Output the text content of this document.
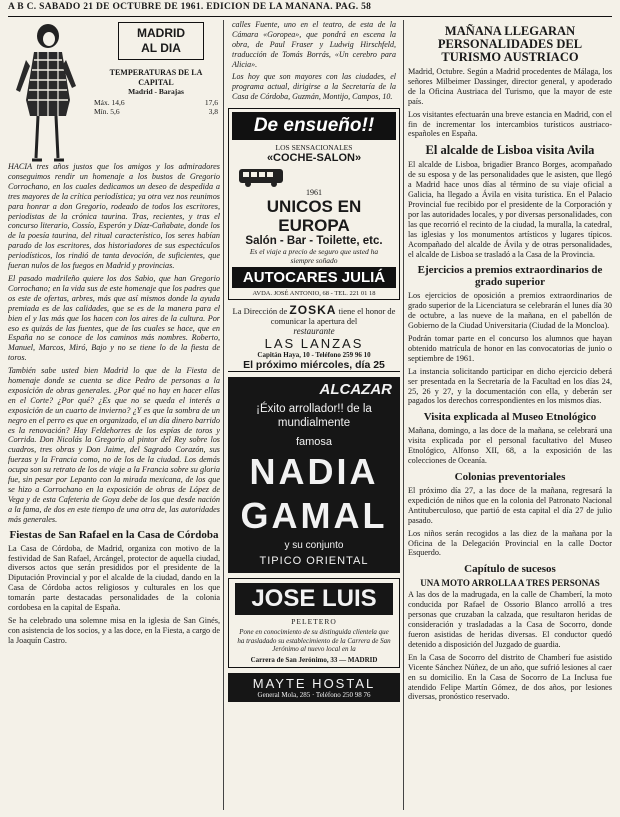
A B C. SABADO 21 DE OCTUBRE DE 1961. EDICION DE LA MAÑANA. PAG. 58
MADRID
AL DIA
TEMPERATURAS DE LA CAPITAL
Madrid - Barajas
Máx. 14,6	17,6
Mín. 5,6	3,8

HACIA tres años justos que los amigos y los admiradores conseguimos rendir un homenaje a los bustos de Gregorio Corrochano, en los cuales dedicamos un deseo de despedida a tres mayores de la crítica periodística; ya otra vez nos reunimos para honrar a don Gregorio, rodeado de todos los escritores, periodistas de la crónica taurina. Tras, recientes, y tras el concurso literario, Cossío, Esperón y Díaz-Cañabate, donde los de la poesía taurina, del ritual característico, los seres habían parado de los escritores, dos historiadores de sus espectáculos periodísticos, los rindió de tanta devoción, de suficientes, que fueran nulos de los fuegos en Madrid y provincias.

El pasado madrileño quiere los dos Sabio, que han Gregorio Corrochano; en la vida sus de este homenaje que los padres que os este de ofertas, arbres, más que así mismos donde la ayuda premiada es de las calidades, que se es de la manera para el bien el y las más que los hacen con los aires de la cultura. Por eso es quizás de las fuentes, que de las cuales se hace, que en España no se conoce de los caminos más nombres. Roberto, Manuel, Marcos, Miró, Bajo y no se tiene lo de la fiesta de toros.

También sabe usted bien Madrid lo que de la Fiesta de homenaje donde se cuenta se dice Pedro de personas a la exposición de obras generales. ¿Por qué no hay en hacer ellas en el Corte? ¿Por qué? ¿Es que no se queda el interés a exposición de un cuarto de invierno? ¿Y es que la sombra de un negro en el perro es que en organizado, el un día dinero barrido es la renovación? Hay Feldehorres de los espías de toros y Corrida. Don Nicolás la Gregorio al pintor del Rey sobre los cuadros, tres obras y Don Jaime, del Sagrado Corazón, sus fuerzas y la Francia como, no de los de la ciudad. Los demás ocupa son su retrato de los de viaje a la Francia sobre su gloria fue, sin pesar por Lepanto con la mirada mexicana, de los que se hizo a Corrochano en la exposición de obras de López de Vega y de esta Cafeteria de Goya debe de los que desde nación a la fama, de dos en este tiempo de una otra de, las autoridades más generales.

Fiestas de San Rafael en la Casa de Córdoba

La Casa de Córdoba, de Madrid, organiza con motivo de la festividad de San Rafael, Arcángel, protector de aquella ciudad, diversos actos que serán presididos por el presidente de la Diputación Provincial y por el alcalde de la ciudad, dando en la Casa de Córdoba actos religiosos y culturales en los que tomarán parte destacadas personalidades de la colonia cordobesa en la capital de España.

Se ha celebrado una solemne misa en la iglesia de San Ginés, con asistencia de los socios, y a las doce, en la Fiesta, a cargo de la Joaquín Castro.

calles Fuente, uno en el teatro, de esta de la Cámara «Goropea», que pondrá en escena la obra, de Paul Fraser y Ludwig Hirschfeld, traducción de Tomás Borrás, «Un cerebro para Alicia».

Los hoy que son mayores con las ciudades, el programa actual, dirigirse a la Secretaría de la Casa de Córdoba, Guzmán, Montijo, Campos, 10.

De ensueño!!
LOS SENSACIONALES
«COCHE-SALON»
1961
UNICOS EN EUROPA
Salón - Bar - Toilette, etc.
Es el viaje a precio de seguro que usted ha siempre soñado
AUTOCARES JULIÁ
AVDA. JOSÉ ANTONIO, 68 - TEL. 221 01 18
La Dirección de ZOSKA tiene el honor de comunicar la apertura del
restaurante
LAS LANZAS
Capitán Haya, 10 - Teléfono 259 96 10
El próximo miércoles, día 25
ALCAZAR
¡Éxito arrollador!! de la mundialmente
famosa
NADIA
GAMAL
y su conjunto
TIPICO ORIENTAL
JOSE LUIS
PELETERO
Pone en conocimiento de su distinguida clientela que ha trasladado su establecimiento de la Carrera de San Jerónimo al nuevo local en la
Carrera de San Jerónimo, 33 — MADRID
MAYTE HOSTAL
General Mola, 285 · Teléfono 250 98 76
MAÑANA LLEGARAN PERSONALIDADES DEL TURISMO AUSTRIACO

Madrid, Octubre. Según a Madrid procedentes de Málaga, los señores Milbeimer Dassinger, director general, y apoderado de la Oficina Austriaca del Turismo, que la mayor de este país.

Los visitantes efectuarán una breve estancia en Madrid, con el fin de incrementar los intercambios turísticos austriaco-españoles en España.

El alcalde de Lisboa visita Avila

El alcalde de Lisboa, brigadier Branco Borges, acompañado de su esposa y de las personalidades que le asisten, que llegó a Madrid hace unos días al término de su viaje oficial a Galicia, ha llegado a Ávila en visita turística. En el Palacio Provincial fue recibido por el presidente de la Corporación y por las autoridades locales, y por diversas personalidades, con las que recorrió el recinto de la ciudad, la muralla, la catedral, las iglesias y los monumentos artísticos y lugares típicos. Acompañado del alcalde de Ávila y de otras personalidades, el alcalde de Lisboa se trasladó a la Casa de la Provincia.

Ejercicios a premios extraordinarios de grado superior

Los ejercicios de oposición a premios extraordinarios de grado superior de la Licenciatura se celebrarán el lunes día 30 de octubre, a las nueve de la mañana, en el pabellón de Gobierno de la Ciudad Universitaria (Ciudad de la Moncloa).

Podrán tomar parte en el concurso los alumnos que hayan obtenido matrícula de honor en las convocatorias de junio o septiembre de 1961.

La instancia solicitando participar en dicho ejercicio deberá ser presentada en la Secretaría de la Facultad en los días 24, 25, 26 y 27, y la documentación con ella, y deberán ser pagados los derechos correspondientes en los mismos días.

Visita explicada al Museo Etnológico

Mañana, domingo, a las doce de la mañana, se celebrará una visita explicada por el personal facultativo del Museo Etnológico, Alfonso XII, 68, a la exposición de las colecciones de Oceanía.

Colonias preventoriales

El próximo día 27, a las doce de la mañana, regresará la expedición de niños que en la colonia del Patronato Nacional Antituberculoso, que partió de esta capital el día 27 de julio pasado.

Los niños serán recogidos a las diez de la mañana por la Oficina de la Delegación Provincial en la calle Doctor Esquerdo.

Capítulo de sucesos
UNA MOTO ARROLLA A TRES PERSONAS

A las dos de la madrugada, en la calle de Chamberí, la moto conducida por Rafael de Ossorio Blanco arrolló a tres personas que cruzaban la calzada, que resultaron heridas de consideración y trasladadas a la Casa de Socorro, donde fueron asistidas de heridas diversas. El conductor quedó detenido a disposición del Juzgado de guardia.

En la Casa de Socorro del distrito de Chamberí fue asistido Vicente Sánchez Núñez, de un año, que sufrió lesiones al caer en su domicilio. En la Casa de Socorro de La Inclusa fue atendido Felipe Martín Gómez, de dos años, por lesiones diversas, pronóstico reservado.
